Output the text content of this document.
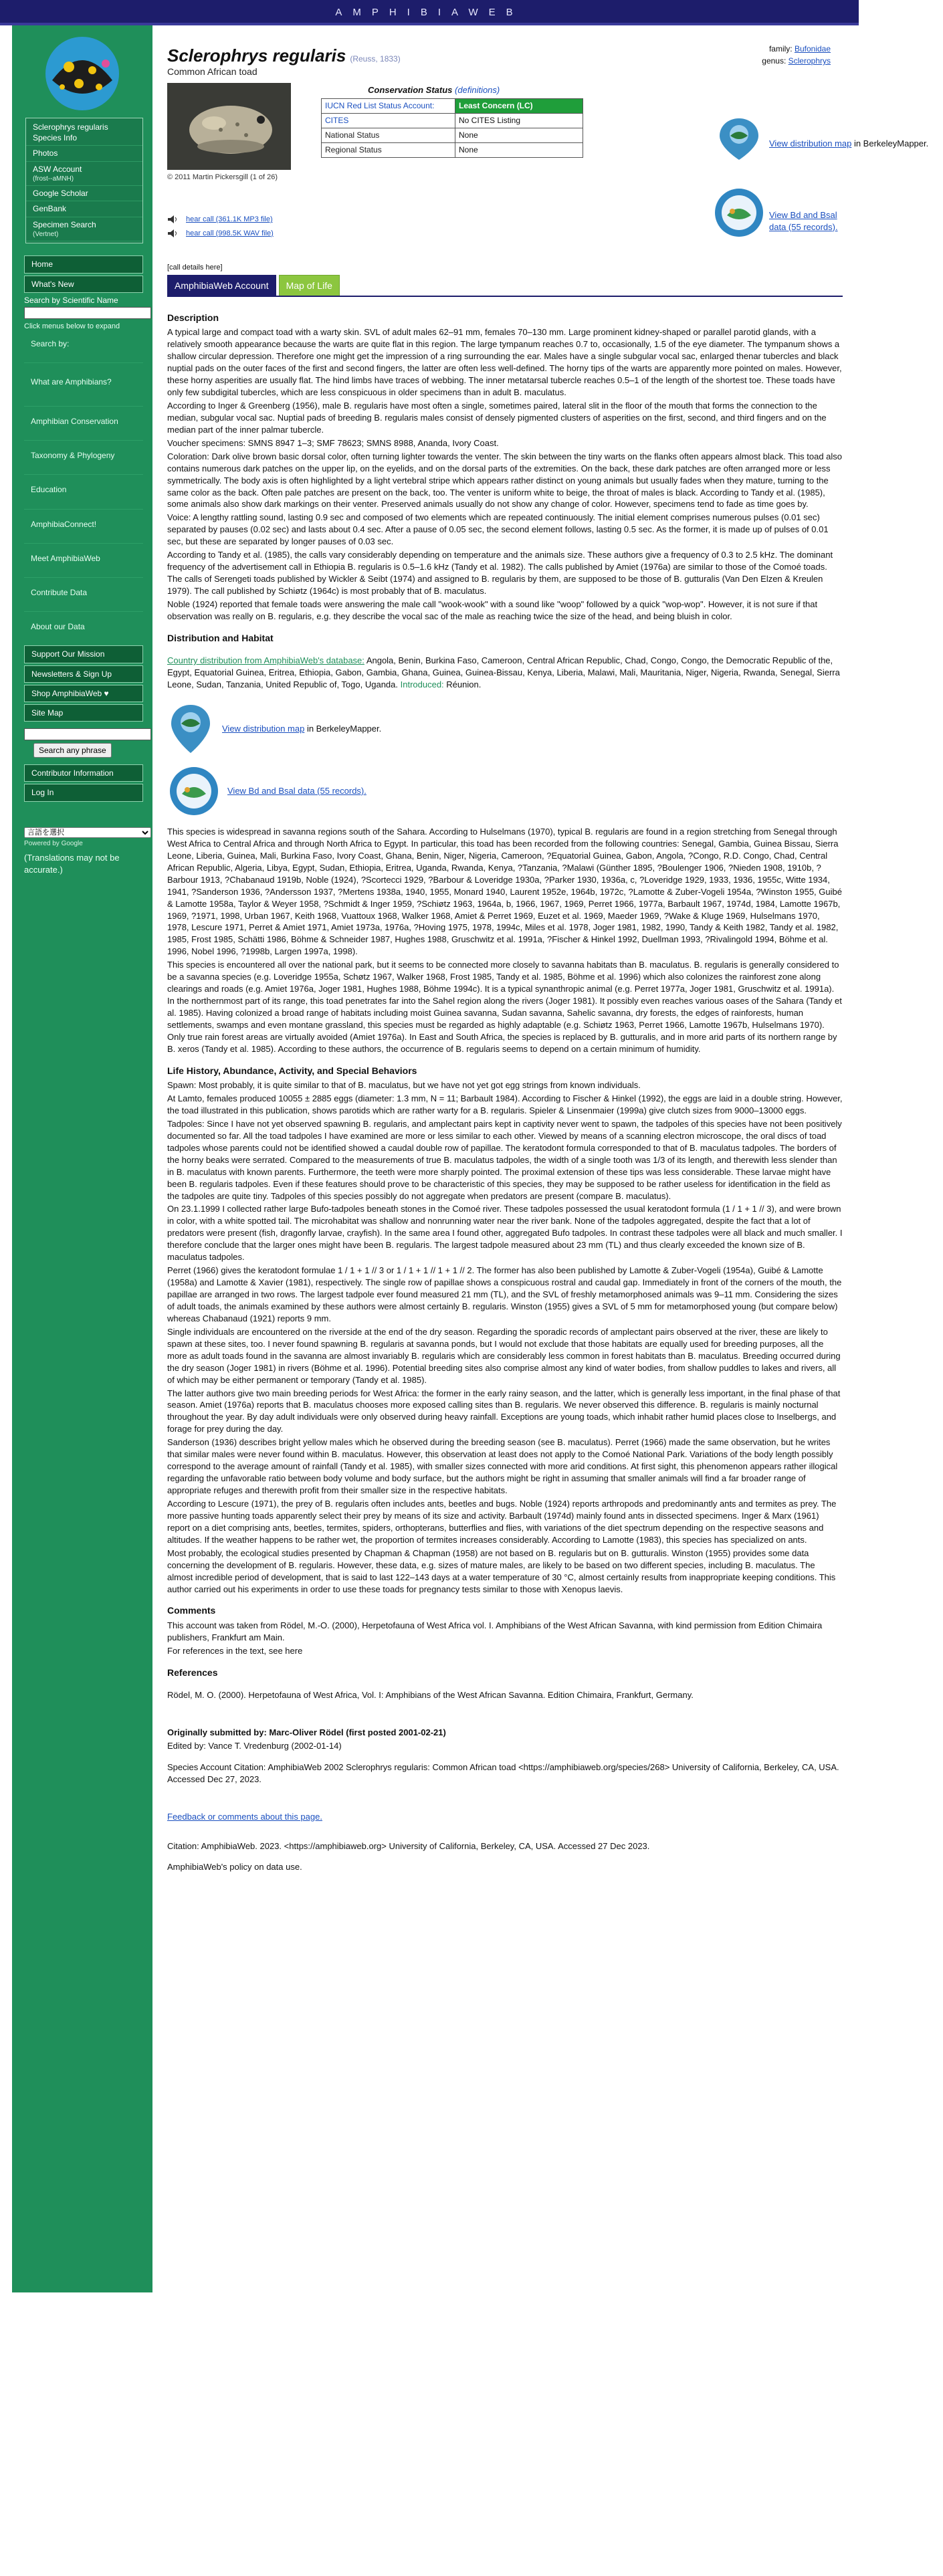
AMPHIBIAWEB
Sclerophrys regularis Species Info
Photos
ASW Account
(frost--aMNH)
Google Scholar
GenBank
Specimen Search
(Vertnet)
Home
What's New
Search by Scientific Name
Click menus below to expand
Search by:
What are Amphibians?
Amphibian Conservation
Taxonomy & Phylogeny
Education
AmphibiaConnect!
Meet AmphibiaWeb
Contribute Data
About our Data
Support Our Mission
Newsletters & Sign Up
Shop AmphibiaWeb ♥
Site Map
Search any phrase
Contributor Information
Log In
言語を選択
Powered by Google
(Translations may not be accurate.)
Sclerophrys regularis (Reuss, 1833)
Common African toad
family: Bufonidae
genus: Sclerophrys
© 2011 Martin Pickersgill (1 of 26)
Conservation Status (definitions)
IUCN Red List Status Account:	Least Concern (LC)
CITES	No CITES Listing
National Status	None
Regional Status	None
View distribution map in BerkeleyMapper.
View Bd and Bsal data (55 records).
hear call (361.1K MP3 file)
hear call (998.5K WAV file)
[call details here]
AmphibiaWeb Account	Map of Life
Description

A typical large and compact toad with a warty skin. SVL of adult males 62–91 mm, females 70–130 mm. Large prominent kidney-shaped or parallel parotid glands, with a relatively smooth appearance because the warts are quite flat in this region. The large tympanum reaches 0.7 to, occasionally, 1.5 of the eye diameter. The tympanum shows a shallow circular depression. Therefore one might get the impression of a ring surrounding the ear. Males have a single subgular vocal sac, enlarged thenar tubercles and black nuptial pads on the outer faces of the first and second fingers, the latter are often less well-defined. The horny tips of the warts are apparently more pointed on males. However, these horny asperities are usually flat. The hind limbs have traces of webbing. The inner metatarsal tubercle reaches 0.5–1 of the length of the shortest toe. These toads have only few subdigital tubercles, which are less conspicuous in older specimens than in adult B. maculatus.

According to Inger & Greenberg (1956), male B. regularis have most often a single, sometimes paired, lateral slit in the floor of the mouth that forms the connection to the median, subgular vocal sac. Nuptial pads of breeding B. regularis males consist of densely pigmented clusters of asperities on the first, second, and third fingers and on the median part of the inner palmar tubercle.

Voucher specimens: SMNS 8947 1–3; SMF 78623; SMNS 8988, Ananda, Ivory Coast.

Coloration: Dark olive brown basic dorsal color, often turning lighter towards the venter. The skin between the tiny warts on the flanks often appears almost black. This toad also contains numerous dark patches on the upper lip, on the eyelids, and on the dorsal parts of the extremities. On the back, these dark patches are often arranged more or less symmetrically. The body axis is often highlighted by a light vertebral stripe which appears rather distinct on young animals but usually fades when they mature, turning to the same color as the back. Often pale patches are present on the back, too. The venter is uniform white to beige, the throat of males is black. According to Tandy et al. (1985), some animals also show dark markings on their venter. Preserved animals usually do not show any change of color. However, specimens tend to fade as time goes by.

Voice: A lengthy rattling sound, lasting 0.9 sec and composed of two elements which are repeated continuously. The initial element comprises numerous pulses (0.01 sec) separated by pauses (0.02 sec) and lasts about 0.4 sec. After a pause of 0.05 sec, the second element follows, lasting 0.5 sec. As the former, it is made up of pulses of 0.01 sec, but these are separated by longer pauses of 0.03 sec.

According to Tandy et al. (1985), the calls vary considerably depending on temperature and the animals size. These authors give a frequency of 0.3 to 2.5 kHz. The dominant frequency of the advertisement call in Ethiopia B. regularis is 0.5–1.6 kHz (Tandy et al. 1982). The calls published by Amiet (1976a) are similar to those of the Comoé toads. The calls of Serengeti toads published by Wickler & Seibt (1974) and assigned to B. regularis by them, are supposed to be those of B. gutturalis (Van Den Elzen & Kreulen 1979). The call published by Schiøtz (1964c) is most probably that of B. maculatus.

Noble (1924) reported that female toads were answering the male call "wook-wook" with a sound like "woop" followed by a quick "wop-wop". However, it is not sure if that observation was really on B. regularis, e.g. they describe the vocal sac of the male as reaching twice the size of the head, and being bluish in color.

Distribution and Habitat

Country distribution from AmphibiaWeb's database: Angola, Benin, Burkina Faso, Cameroon, Central African Republic, Chad, Congo, Congo, the Democratic Republic of the, Egypt, Equatorial Guinea, Eritrea, Ethiopia, Gabon, Gambia, Ghana, Guinea, Guinea-Bissau, Kenya, Liberia, Malawi, Mali, Mauritania, Niger, Nigeria, Rwanda, Senegal, Sierra Leone, Sudan, Tanzania, United Republic of, Togo, Uganda. Introduced: Réunion.

View distribution map in BerkeleyMapper.
View Bd and Bsal data (55 records).

This species is widespread in savanna regions south of the Sahara. According to Hulselmans (1970), typical B. regularis are found in a region stretching from Senegal through West Africa to Central Africa and through North Africa to Egypt. In particular, this toad has been recorded from the following countries: Senegal, Gambia, Guinea Bissau, Sierra Leone, Liberia, Guinea, Mali, Burkina Faso, Ivory Coast, Ghana, Benin, Niger, Nigeria, Cameroon, ?Equatorial Guinea, Gabon, Angola, ?Congo, R.D. Congo, Chad, Central African Republic, Algeria, Libya, Egypt, Sudan, Ethiopia, Eritrea, Uganda, Rwanda, Kenya, ?Tanzania, ?Malawi (Günther 1895, ?Boulenger 1906, ?Nieden 1908, 1910b, ?Barbour 1913, ?Chabanaud 1919b, Noble (1924), ?Scortecci 1929, ?Barbour & Loveridge 1930a, ?Parker 1930, 1936a, c, ?Loveridge 1929, 1933, 1936, 1955c, Witte 1934, 1941, ?Sanderson 1936, ?Andersson 1937, ?Mertens 1938a, 1940, 1955, Monard 1940, Laurent 1952e, 1964b, 1972c, ?Lamotte & Zuber-Vogeli 1954a, ?Winston 1955, Guibé & Lamotte 1958a, Taylor & Weyer 1958, ?Schmidt & Inger 1959, ?Schiøtz 1963, 1964a, b, 1966, 1967, 1969, Perret 1966, 1977a, Barbault 1967, 1974d, 1984, Lamotte 1967b, 1969, ?1971, 1998, Urban 1967, Keith 1968, Vuattoux 1968, Walker 1968, Amiet & Perret 1969, Euzet et al. 1969, Maeder 1969, ?Wake & Kluge 1969, Hulselmans 1970, 1978, Lescure 1971, Perret & Amiet 1971, Amiet 1973a, 1976a, ?Hoving 1975, 1978, 1994c, Miles et al. 1978, Joger 1981, 1982, 1990, Tandy & Keith 1982, Tandy et al. 1982, 1985, Frost 1985, Schätti 1986, Böhme & Schneider 1987, Hughes 1988, Gruschwitz et al. 1991a, ?Fischer & Hinkel 1992, Duellman 1993, ?Rivalingold 1994, Böhme et al. 1996, Nobel 1996, ?1998b, Largen 1997a, 1998).

This species is encountered all over the national park, but it seems to be connected more closely to savanna habitats than B. maculatus. B. regularis is generally considered to be a savanna species (e.g. Loveridge 1955a, Schøtz 1967, Walker 1968, Frost 1985, Tandy et al. 1985, Böhme et al. 1996) which also colonizes the rainforest zone along clearings and roads (e.g. Amiet 1976a, Joger 1981, Hughes 1988, Böhme 1994c). It is a typical synanthropic animal (e.g. Perret 1977a, Joger 1981, Gruschwitz et al. 1991a). In the northernmost part of its range, this toad penetrates far into the Sahel region along the rivers (Joger 1981). It possibly even reaches various oases of the Sahara (Tandy et al. 1985). Having colonized a broad range of habitats including moist Guinea savanna, Sudan savanna, Sahelic savanna, dry forests, the edges of rainforests, human settlements, swamps and even montane grassland, this species must be regarded as highly adaptable (e.g. Schiøtz 1963, Perret 1966, Lamotte 1967b, Hulselmans 1970). Only true rain forest areas are virtually avoided (Amiet 1976a). In East and South Africa, the species is replaced by B. gutturalis, and in more arid parts of its northern range by B. xeros (Tandy et al. 1985). According to these authors, the occurrence of B. regularis seems to depend on a certain minimum of humidity.

Life History, Abundance, Activity, and Special Behaviors

Spawn: Most probably, it is quite similar to that of B. maculatus, but we have not yet got egg strings from known individuals.

At Lamto, females produced 10055 ± 2885 eggs (diameter: 1.3 mm, N = 11; Barbault 1984). According to Fischer & Hinkel (1992), the eggs are laid in a double string. However, the toad illustrated in this publication, shows parotids which are rather warty for a B. regularis. Spieler & Linsenmaier (1999a) give clutch sizes from 9000–13000 eggs.

Tadpoles: Since I have not yet observed spawning B. regularis, and amplectant pairs kept in captivity never went to spawn, the tadpoles of this species have not been positively documented so far. All the toad tadpoles I have examined are more or less similar to each other. Viewed by means of a scanning electron microscope, the oral discs of toad tadpoles whose parents could not be identified showed a caudal double row of papillae. The keratodont formula corresponded to that of B. maculatus tadpoles. The borders of the horny beaks were serrated. Compared to the measurements of true B. maculatus tadpoles, the width of a single tooth was 1/3 of its length, and therewith less slender than in B. maculatus with known parents. Furthermore, the teeth were more sharply pointed. The proximal extension of these tips was less considerable. These larvae might have been B. regularis tadpoles. Even if these features should prove to be characteristic of this species, they may be supposed to be rather useless for identification in the field as the tadpoles are quite tiny. Tadpoles of this species possibly do not aggregate when predators are present (compare B. maculatus).

On 23.1.1999 I collected rather large Bufo-tadpoles beneath stones in the Comoé river. These tadpoles possessed the usual keratodont formula (1 / 1 + 1 // 3), and were brown in color, with a white spotted tail. The microhabitat was shallow and nonrunning water near the river bank. None of the tadpoles aggregated, despite the fact that a lot of predators were present (fish, dragonfly larvae, crayfish). In the same area I found other, aggregated Bufo tadpoles. In contrast these tadpoles were all black and much smaller. I therefore conclude that the larger ones might have been B. regularis. The largest tadpole measured about 23 mm (TL) and thus clearly exceeded the known size of B. maculatus tadpoles.

Perret (1966) gives the keratodont formulae 1 / 1 + 1 // 3 or 1 / 1 + 1 // 1 + 1 // 2. The former has also been published by Lamotte & Zuber-Vogeli (1954a), Guibé & Lamotte (1958a) and Lamotte & Xavier (1981), respectively. The single row of papillae shows a conspicuous rostral and caudal gap. Immediately in front of the corners of the mouth, the papillae are arranged in two rows. The largest tadpole ever found measured 21 mm (TL), and the SVL of freshly metamorphosed animals was 9–11 mm. Considering the sizes of adult toads, the animals examined by these authors were almost certainly B. regularis. Winston (1955) gives a SVL of 5 mm for metamorphosed young (but compare below) whereas Chabanaud (1921) reports 9 mm.

Single individuals are encountered on the riverside at the end of the dry season. Regarding the sporadic records of amplectant pairs observed at the river, these are likely to spawn at these sites, too. I never found spawning B. regularis at savanna ponds, but I would not exclude that those habitats are equally used for breeding purposes, all the more as adult toads found in the savanna are almost invariably B. regularis which are considerably less common in forest habitats than B. maculatus. Breeding occurred during the dry season (Joger 1981) in rivers (Böhme et al. 1996). Potential breeding sites also comprise almost any kind of water bodies, from shallow puddles to lakes and rivers, all of which may be either permanent or temporary (Tandy et al. 1985).

The latter authors give two main breeding periods for West Africa: the former in the early rainy season, and the latter, which is generally less important, in the final phase of that season. Amiet (1976a) reports that B. maculatus chooses more exposed calling sites than B. regularis. We never observed this difference. B. regularis is mainly nocturnal throughout the year. By day adult individuals were only observed during heavy rainfall. Exceptions are young toads, which inhabit rather humid places close to Inselbergs, and forage for prey during the day.

Sanderson (1936) describes bright yellow males which he observed during the breeding season (see B. maculatus). Perret (1966) made the same observation, but he writes that similar males were never found within B. maculatus. However, this observation at least does not apply to the Comoé National Park. Variations of the body length possibly correspond to the average amount of rainfall (Tandy et al. 1985), with smaller sizes connected with more arid conditions. At first sight, this phenomenon appears rather illogical regarding the unfavorable ratio between body volume and body surface, but the authors might be right in assuming that smaller animals will find a far broader range of appropriate refuges and therewith profit from their smaller size in the respective habitats.

According to Lescure (1971), the prey of B. regularis often includes ants, beetles and bugs. Noble (1924) reports arthropods and predominantly ants and termites as prey. The more passive hunting toads apparently select their prey by means of its size and activity. Barbault (1974d) mainly found ants in dissected specimens. Inger & Marx (1961) report on a diet comprising ants, beetles, termites, spiders, orthopterans, butterflies and flies, with variations of the diet spectrum depending on the respective seasons and altitudes. If the weather happens to be rather wet, the proportion of termites increases considerably. According to Lamotte (1983), this species has specialized on ants.

Most probably, the ecological studies presented by Chapman & Chapman (1958) are not based on B. regularis but on B. gutturalis. Winston (1955) provides some data concerning the development of B. regularis. However, these data, e.g. sizes of mature males, are likely to be based on two different species, including B. maculatus. The almost incredible period of development, that is said to last 122–143 days at a water temperature of 30 °C, almost certainly results from inappropriate keeping conditions. This author carried out his experiments in order to use these toads for pregnancy tests similar to those with Xenopus laevis.

Comments

This account was taken from Rödel, M.-O. (2000), Herpetofauna of West Africa vol. I. Amphibians of the West African Savanna, with kind permission from Edition Chimaira publishers, Frankfurt am Main.

For references in the text, see here

References

Rödel, M. O. (2000). Herpetofauna of West Africa, Vol. I: Amphibians of the West African Savanna. Edition Chimaira, Frankfurt, Germany.

Originally submitted by: Marc-Oliver Rödel (first posted 2001-02-21)

Edited by: Vance T. Vredenburg (2002-01-14)

Species Account Citation: AmphibiaWeb 2002 Sclerophrys regularis: Common African toad <https://amphibiaweb.org/species/268> University of California, Berkeley, CA, USA. Accessed Dec 27, 2023.

Feedback or comments about this page.

Citation: AmphibiaWeb. 2023. <https://amphibiaweb.org> University of California, Berkeley, CA, USA. Accessed 27 Dec 2023.

AmphibiaWeb's policy on data use.
